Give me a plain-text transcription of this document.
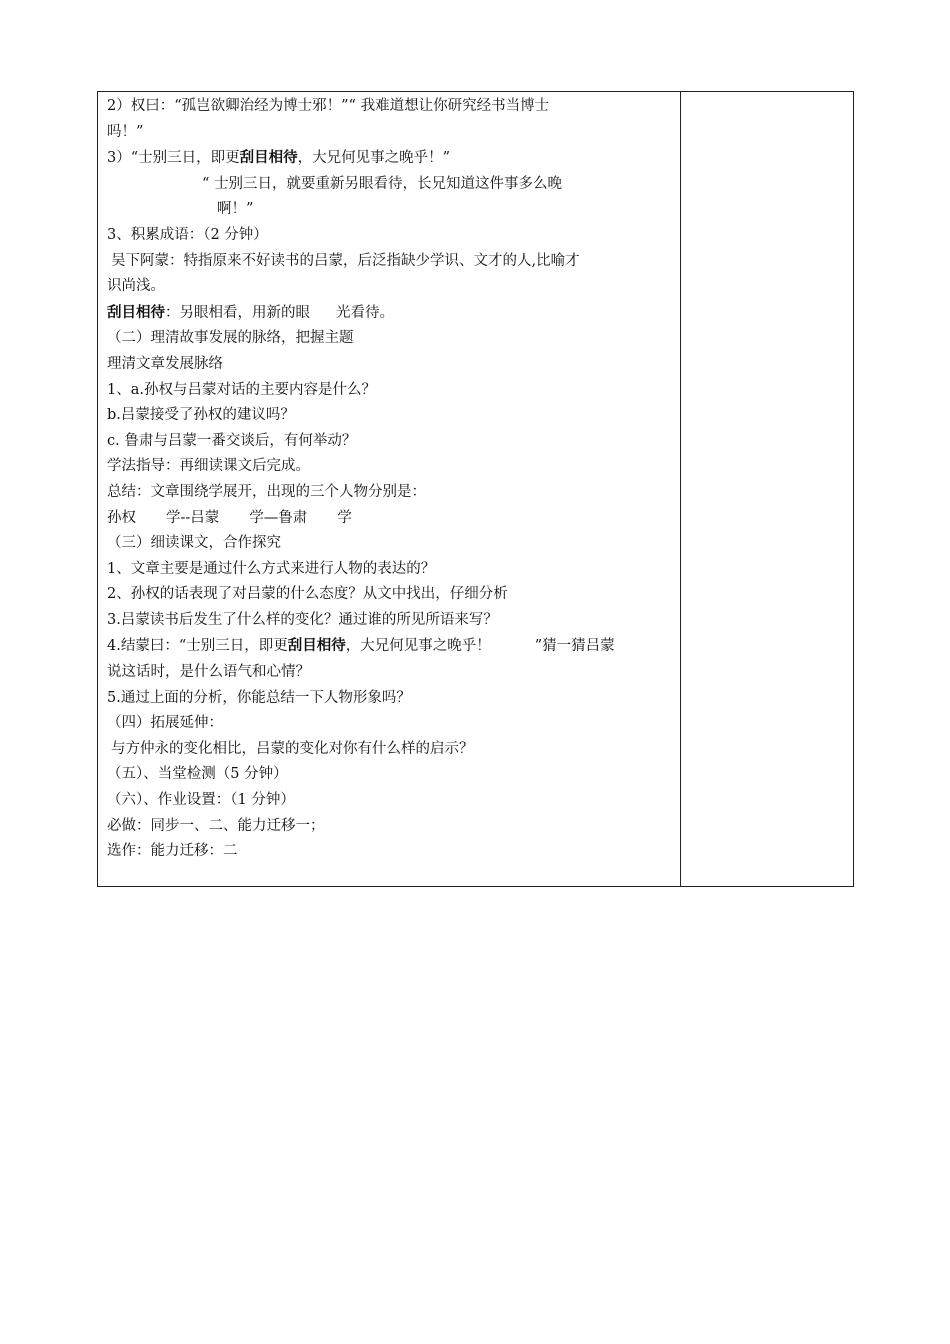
2）权曰：“孤岂欲卿治经为博士邪！”“ 我难道想让你研究经书当博士
吗！”
3）“士别三日，即更刮目相待，大兄何见事之晚乎！”
“ 士别三日，就要重新另眼看待，长兄知道这件事多么晚
啊！”
3、积累成语：（2 分钟）
吴下阿蒙：特指原来不好读书的吕蒙，后泛指缺少学识、文才的人,比喻才
识尚浅。
刮目相待：另眼相看，用新的眼 光看待。
（二）理清故事发展的脉络，把握主题
理清文章发展脉络
1、a.孙权与吕蒙对话的主要内容是什么？
b.吕蒙接受了孙权的建议吗？
c. 鲁肃与吕蒙一番交谈后，有何举动？
学法指导：再细读课文后完成。
总结：文章围绕学展开，出现的三个人物分别是：
孙权 学--吕蒙 学—鲁肃 学
（三）细读课文，合作探究
1、文章主要是通过什么方式来进行人物的表达的？
2、孙权的话表现了对吕蒙的什么态度？从文中找出，仔细分析
3.吕蒙读书后发生了什么样的变化？通过谁的所见所语来写？
4.结蒙曰：“士别三日，即更刮目相待，大兄何见事之晚乎！	”猜一猜吕蒙
说这话时，是什么语气和心情？
5.通过上面的分析，你能总结一下人物形象吗？
（四）拓展延伸：
与方仲永的变化相比，吕蒙的变化对你有什么样的启示？
（五）、当堂检测（5 分钟）
（六）、作业设置：（1 分钟）
必做：同步一、二、能力迁移一；
选作：能力迁移：二
